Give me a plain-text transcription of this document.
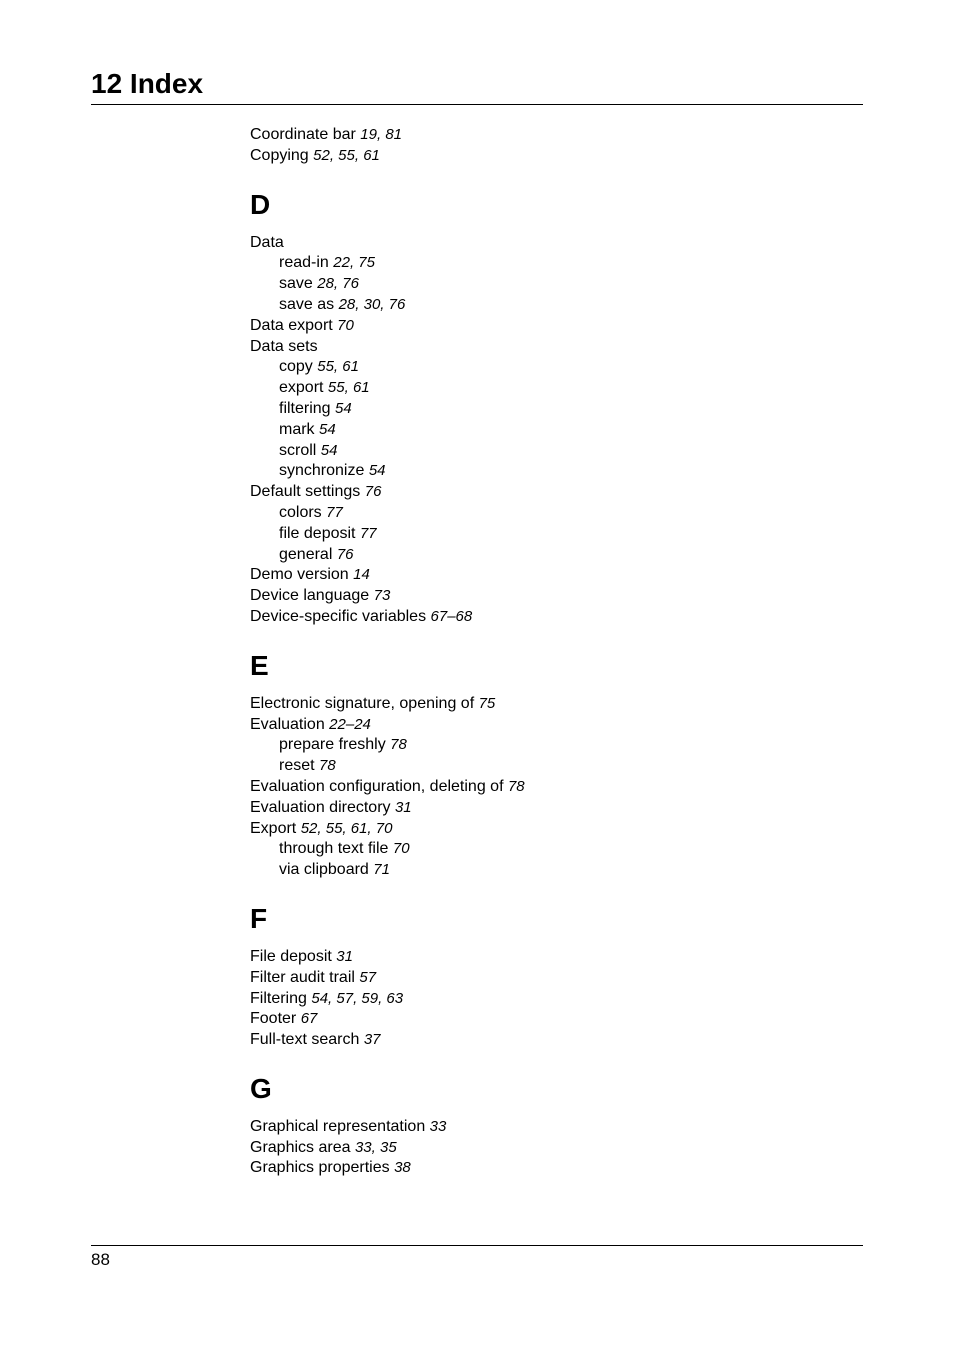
12 Index
Coordinate bar 19, 81
Copying 52, 55, 61
D
Data
read-in 22, 75
save 28, 76
save as 28, 30, 76
Data export 70
Data sets
copy 55, 61
export 55, 61
filtering 54
mark 54
scroll 54
synchronize 54
Default settings 76
colors 77
file deposit 77
general 76
Demo version 14
Device language 73
Device-specific variables 67–68
E
Electronic signature, opening of 75
Evaluation 22–24
prepare freshly 78
reset 78
Evaluation configuration, deleting of 78
Evaluation directory 31
Export 52, 55, 61, 70
through text file 70
via clipboard 71
F
File deposit 31
Filter audit trail 57
Filtering 54, 57, 59, 63
Footer 67
Full-text search 37
G
Graphical representation 33
Graphics area 33, 35
Graphics properties 38
88
